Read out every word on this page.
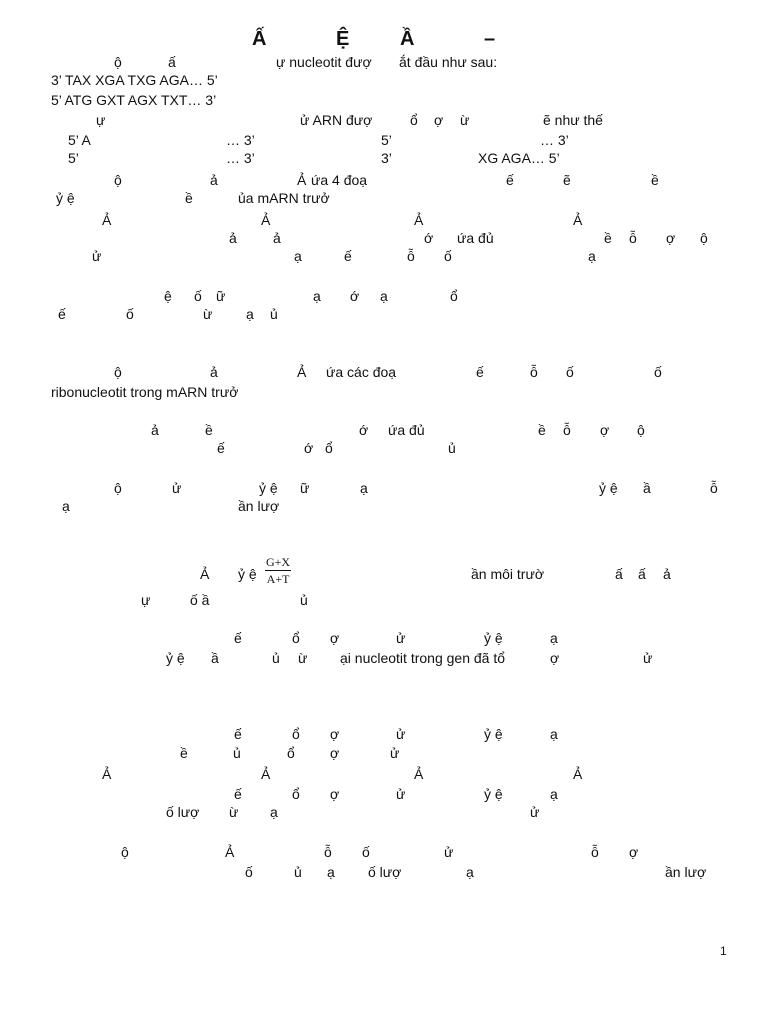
Ấ	Ệ	Ầ	–
$\frac{G+X}{A+T}$
1
ộ	ấ	ự nucleotit đượ ắt đầu như sau:
3’ TAX XGA TXG AGA… 5’
5’ ATG GXT AGX TXT… 3’
ự	ử ARN đượ	ổ ợ ừ	ẽ như thế
5’ A	… 3’	5’	… 3’
5’	… 3’	3’	XG AGA… 5’
ộ	ả	Ả ứa 4 đoạ	ế	ẽ	ề
ỷ ệ	ề	ủa mARN trưở
Ả	Ả	Ả	Ả
ả	ả	ớ ứa đủ	ề ỗ ợ ộ
ử	ạ	ế	ỗ ố	ạ
ệ ố ữ	ạ ớ ạ	ổ
ế	ố	ừ ạ ủ
ộ	ả	Ả ứa các đoạ	ế	ỗ ố	ố
ribonucleotit trong mARN trưở
ả	ề	ớ ứa đủ	ề ỗ ợ ộ
ế	ớ ổ	ủ
ộ	ử	ỷ ệ ữ	ạ	ỷ ệ ầ	ỗ
ạ	ần lượ
Ả ỷ ệ	ần môi trườ	ấ ấ ả
ự	ố ầ	ủ
ế	ổ ợ	ử	ỷ ệ	ạ
ỷ ệ ầ	ủ ừ ại nucleotit trong gen đã tổ	ợ	ử
ế	ổ ợ	ử	ỷ ệ	ạ
ề	ủ	ổ	ợ	ử
Ả	Ả	Ả	Ả
ế	ổ ợ	ử	ỷ ệ	ạ
ố lượ ừ ạ	ử
ộ	Ả	ỗ ố	ử	ỗ ợ
ố	ủ ạ ố lượ	ạ	ần lượ
